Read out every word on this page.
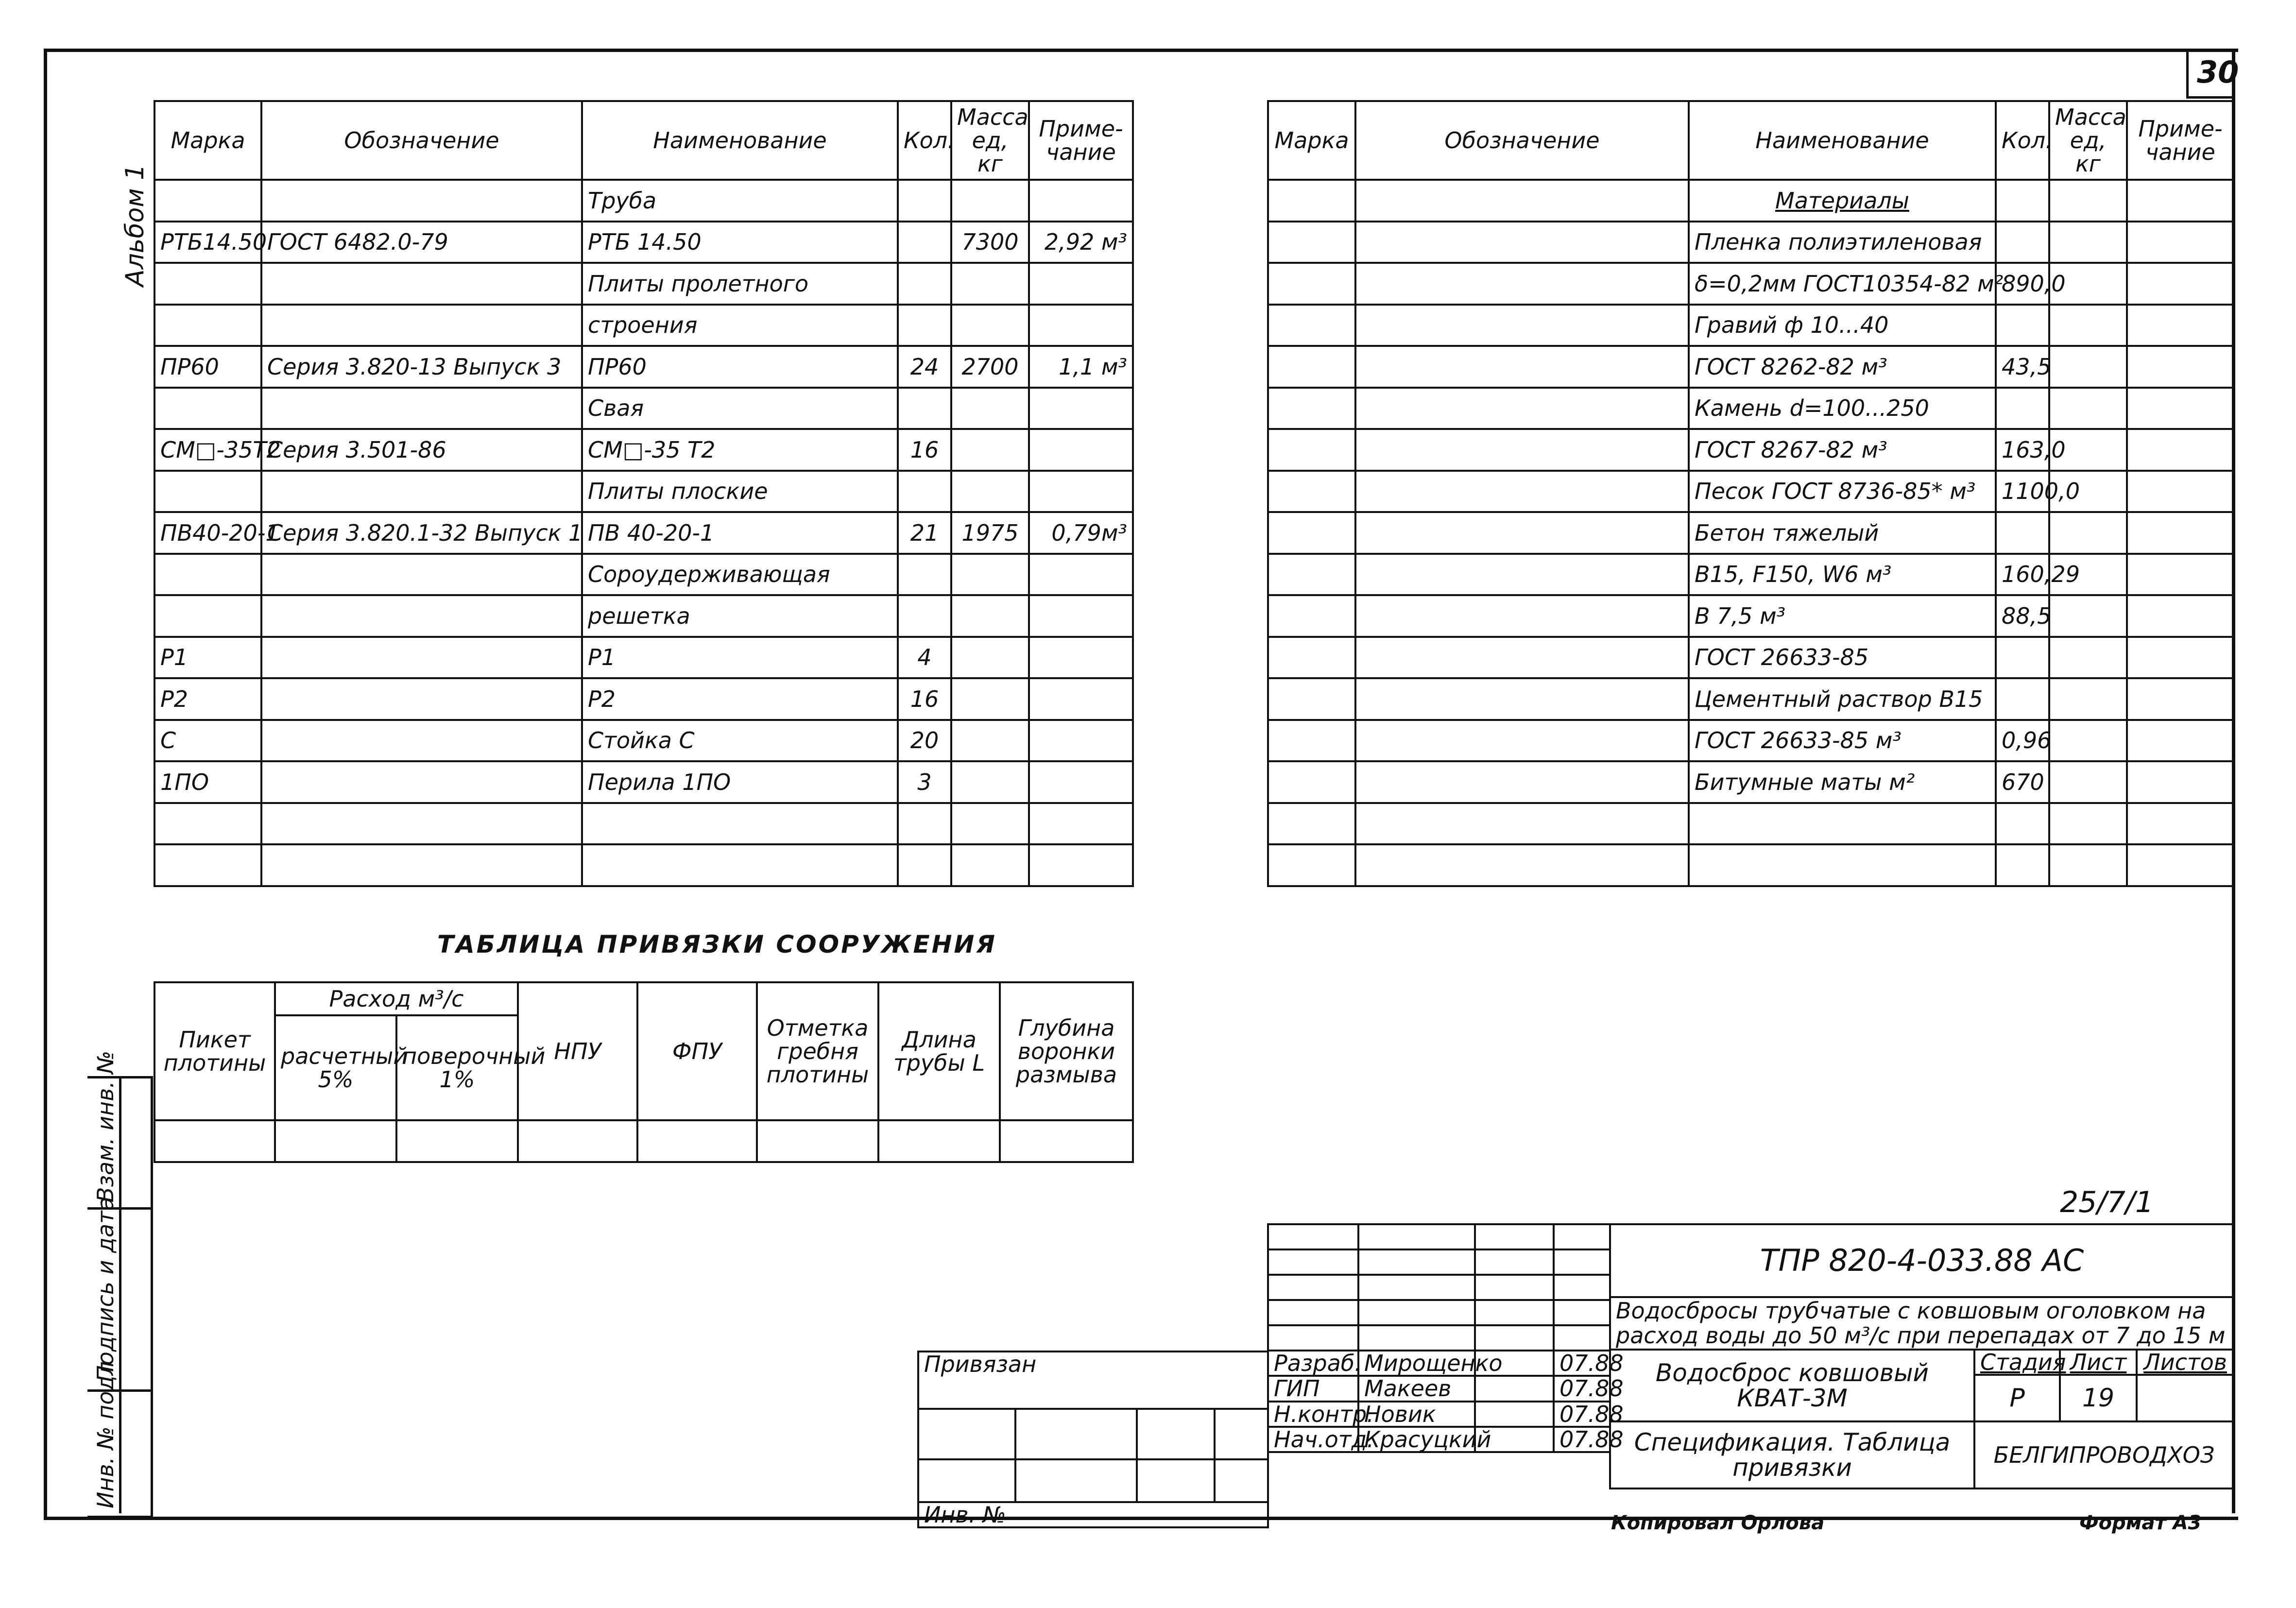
30
Альбом 1
Взам. инв. №
Подпись и дата
Инв. № подл
Марка	Обозначение	Наименование	Кол.	Масса ед, кг	Приме- чание
		Труба			
РТБ14.50	ГОСТ 6482.0-79	РТБ 14.50		7300	2,92 м³
		Плиты пролетного			
		строения			
ПР60	Серия 3.820-13 Выпуск 3	ПР60	24	2700	1,1 м³
		Свая			
СМ□-35Т2	Серия 3.501-86	СМ□-35 Т2	16		
		Плиты плоские			
ПВ40-20-1	Серия 3.820.1-32 Выпуск 1	ПВ 40-20-1	21	1975	0,79м³
		Сороудерживающая			
		решетка			
Р1		Р1	4		
Р2		Р2	16		
С		Стойка С	20		
1ПО		Перила 1ПО	3		

Марка	Обозначение	Наименование	Кол.	Масса ед, кг	Приме- чание
		Материалы			
		Пленка полиэтиленовая			
		δ=0,2мм ГОСТ10354-82 м²	890,0		
		Гравий ф 10...40			
		ГОСТ 8262-82 м³	43,5		
		Камень d=100...250			
		ГОСТ 8267-82 м³	163,0		
		Песок ГОСТ 8736-85* м³	1100,0		
		Бетон тяжелый			
		В15, F150, W6 м³	160,29		
		В 7,5 м³	88,5		
		ГОСТ 26633-85			
		Цементный раствор В15			
		ГОСТ 26633-85 м³	0,96		
		Битумные маты м²	670		

ТАБЛИЦА ПРИВЯЗКИ СООРУЖЕНИЯ
Пикет плотины	Расход м³/с		НПУ	ФПУ	Отметка гребня плотины	Длина трубы L	Глубина воронки размыва
	расчетный 5%	поверочный 1%					

25/7/1

Разраб.	Мирощенко		07.88
ГИП	Макеев		07.88
Н.контр.	Новик		07.88
Нач.отд.	Красуцкий		07.88
ТПР 820-4-033.88 АС			
Водосбросы трубчатые с ковшовым оголовком на расход воды до 50 м³/с при перепадах от 7 до 15 м			
Водосброс ковшовый КВАТ-3М	Стадия	Лист	Листов
	Р	19	
Спецификация. Таблица привязки	БЕЛГИПРОВОДХОЗ		
Привязан			

Инв. №				Копировал Орлова	Формат А3
